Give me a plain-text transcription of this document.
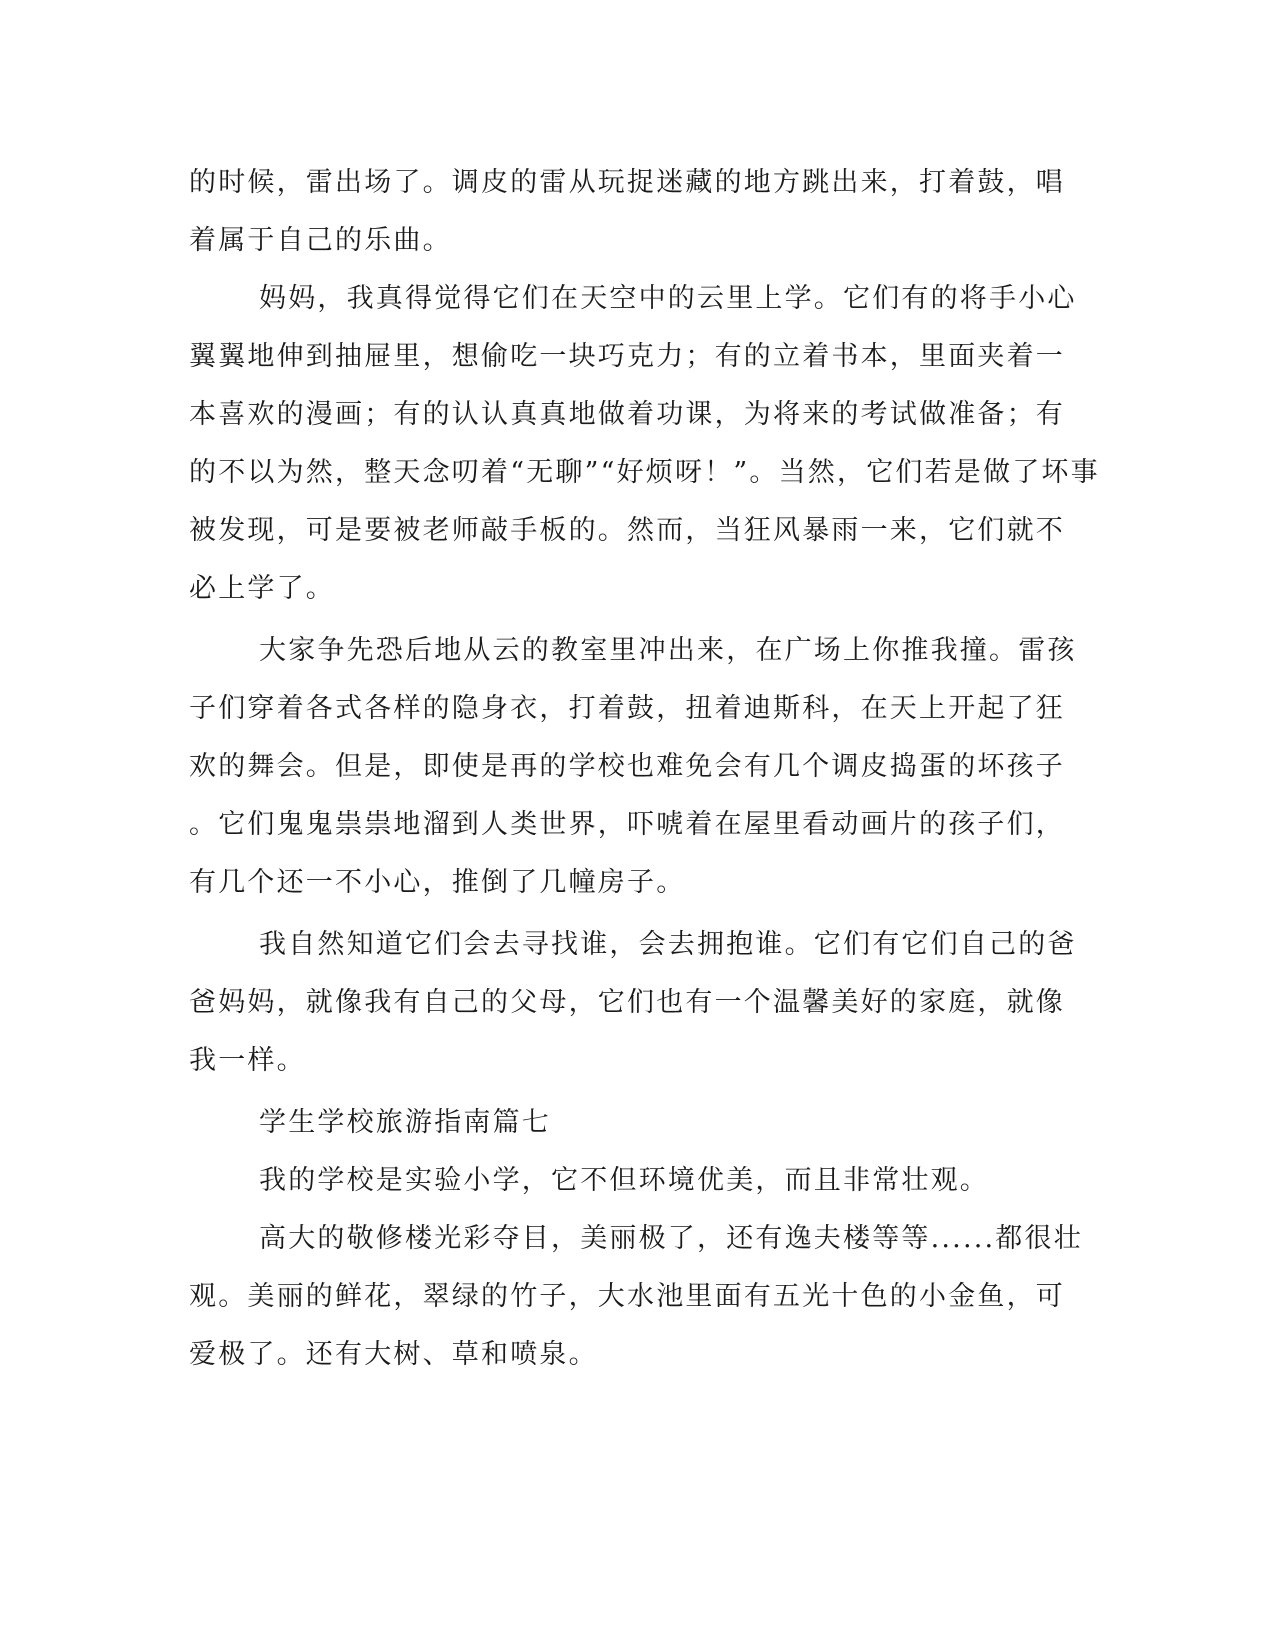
的时候，雷出场了。调皮的雷从玩捉迷藏的地方跳出来，打着鼓，唱
着属于自己的乐曲。
妈妈，我真得觉得它们在天空中的云里上学。它们有的将手小心
翼翼地伸到抽屉里，想偷吃一块巧克力；有的立着书本，里面夹着一
本喜欢的漫画；有的认认真真地做着功课，为将来的考试做准备；有
的不以为然，整天念叨着“无聊”“好烦呀！”。当然，它们若是做了坏事
被发现，可是要被老师敲手板的。然而，当狂风暴雨一来，它们就不
必上学了。
大家争先恐后地从云的教室里冲出来，在广场上你推我撞。雷孩
子们穿着各式各样的隐身衣，打着鼓，扭着迪斯科，在天上开起了狂
欢的舞会。但是，即使是再的学校也难免会有几个调皮捣蛋的坏孩子
。它们鬼鬼祟祟地溜到人类世界，吓唬着在屋里看动画片的孩子们，
有几个还一不小心，推倒了几幢房子。
我自然知道它们会去寻找谁，会去拥抱谁。它们有它们自己的爸
爸妈妈，就像我有自己的父母，它们也有一个温馨美好的家庭，就像
我一样。
学生学校旅游指南篇七
我的学校是实验小学，它不但环境优美，而且非常壮观。
高大的敬修楼光彩夺目，美丽极了，还有逸夫楼等等......都很壮
观。美丽的鲜花，翠绿的竹子，大水池里面有五光十色的小金鱼，可
爱极了。还有大树、草和喷泉。
